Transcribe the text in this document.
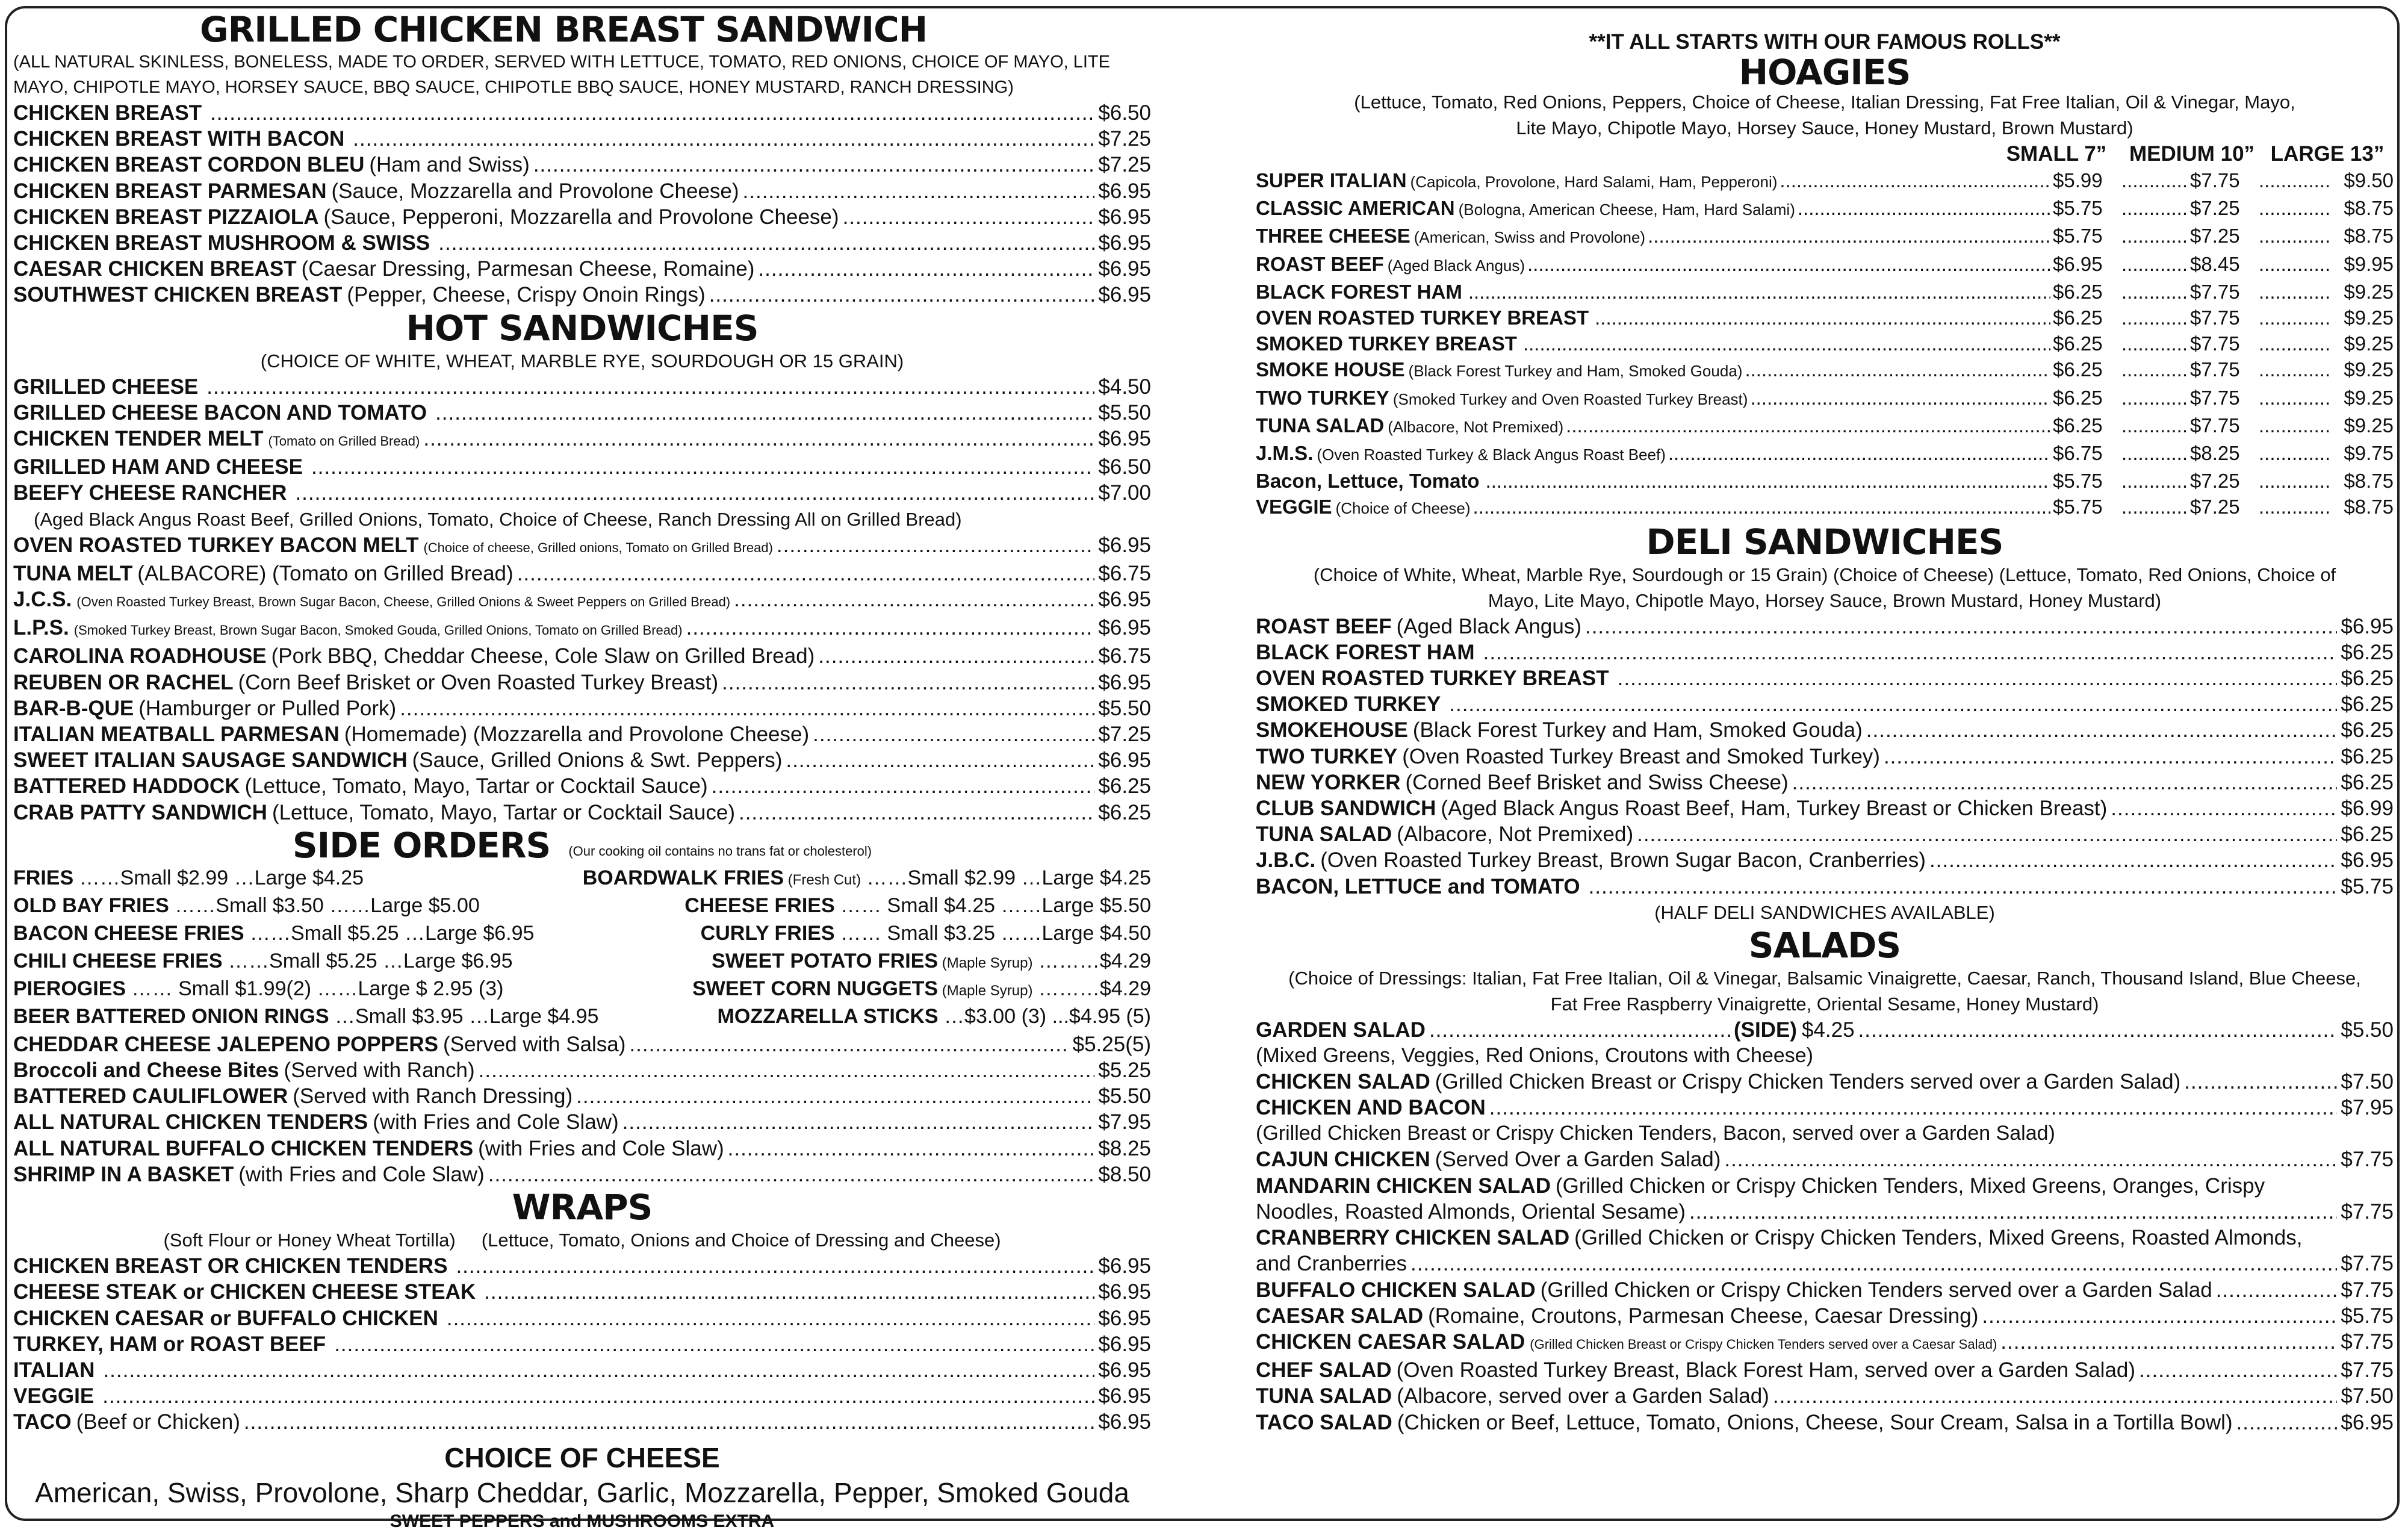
GRILLED CHICKEN BREAST SANDWICH
(ALL NATURAL SKINLESS, BONELESS, MADE TO ORDER, SERVED WITH LETTUCE, TOMATO, RED ONIONS, CHOICE OF MAYO, LITE MAYO, CHIPOTLE MAYO, HORSEY SAUCE, BBQ SAUCE, CHIPOTLE BBQ SAUCE, HONEY MUSTARD, RANCH DRESSING)
CHICKEN BREAST .....	$6.50
CHICKEN BREAST WITH BACON .....	$7.25
CHICKEN BREAST CORDON BLEU (Ham and Swiss) .....	$7.25
CHICKEN BREAST PARMESAN (Sauce, Mozzarella and Provolone Cheese) .....	$6.95
CHICKEN BREAST PIZZAIOLA (Sauce, Pepperoni, Mozzarella and Provolone Cheese) .....	$6.95
CHICKEN BREAST MUSHROOM & SWISS .....	$6.95
CAESAR CHICKEN BREAST (Caesar Dressing, Parmesan Cheese, Romaine) .....	$6.95
SOUTHWEST CHICKEN BREAST (Pepper, Cheese, Crispy Onoin Rings) .....	$6.95
HOT SANDWICHES
(CHOICE OF WHITE, WHEAT, MARBLE RYE, SOURDOUGH OR 15 GRAIN)
GRILLED CHEESE .....	$4.50
GRILLED CHEESE BACON AND TOMATO .....	$5.50
CHICKEN TENDER MELT (Tomato on Grilled Bread) .....	$6.95
GRILLED HAM AND CHEESE .....	$6.50
BEEFY CHEESE RANCHER .....	$7.00
(Aged Black Angus Roast Beef, Grilled Onions, Tomato, Choice of Cheese, Ranch Dressing All on Grilled Bread)
OVEN ROASTED TURKEY BACON MELT (Choice of cheese, Grilled onions, Tomato on Grilled Bread) .....	$6.95
TUNA MELT (ALBACORE) (Tomato on Grilled Bread) .....	$6.75
J.C.S. (Oven Roasted Turkey Breast, Brown Sugar Bacon, Cheese, Grilled Onions & Sweet Peppers on Grilled Bread) .....	$6.95
L.P.S. (Smoked Turkey Breast, Brown Sugar Bacon, Smoked Gouda, Grilled Onions, Tomato on Grilled Bread) .....	$6.95
CAROLINA ROADHOUSE (Pork BBQ, Cheddar Cheese, Cole Slaw on Grilled Bread) .....	$6.75
REUBEN OR RACHEL (Corn Beef Brisket or Oven Roasted Turkey Breast) .....	$6.95
BAR-B-QUE (Hamburger or Pulled Pork) .....	$5.50
ITALIAN MEATBALL PARMESAN (Homemade) (Mozzarella and Provolone Cheese) .....	$7.25
SWEET ITALIAN SAUSAGE SANDWICH (Sauce, Grilled Onions & Swt. Peppers) .....	$6.95
BATTERED HADDOCK (Lettuce, Tomato, Mayo, Tartar or Cocktail Sauce) .....	$6.25
CRAB PATTY SANDWICH (Lettuce, Tomato, Mayo, Tartar or Cocktail Sauce) .....	$6.25
SIDE ORDERS (Our cooking oil contains no trans fat or cholesterol)
FRIES ……Small $2.99 …Large $4.25	BOARDWALK FRIES (Fresh Cut) ……Small $2.99 …Large $4.25
OLD BAY FRIES ……Small $3.50 ……Large $5.00	CHEESE FRIES …… Small $4.25 ……Large $5.50
BACON CHEESE FRIES ……Small $5.25 …Large $6.95	CURLY FRIES …… Small $3.25 ……Large $4.50
CHILI CHEESE FRIES ……Small $5.25 …Large $6.95	SWEET POTATO FRIES (Maple Syrup) ………$4.29
PIEROGIES …… Small $1.99(2) ……Large $ 2.95 (3)	SWEET CORN NUGGETS (Maple Syrup) ………$4.29
BEER BATTERED ONION RINGS …Small $3.95 …Large $4.95	MOZZARELLA STICKS …$3.00 (3) ...$4.95 (5)
CHEDDAR CHEESE JALEPENO POPPERS (Served with Salsa) .....	$5.25(5)
Broccoli and Cheese Bites (Served with Ranch) .....	$5.25
BATTERED CAULIFLOWER (Served with Ranch Dressing) .....	$5.50
ALL NATURAL CHICKEN TENDERS (with Fries and Cole Slaw) .....	$7.95
ALL NATURAL BUFFALO CHICKEN TENDERS (with Fries and Cole Slaw) .....	$8.25
SHRIMP IN A BASKET (with Fries and Cole Slaw) .....	$8.50
WRAPS
(Soft Flour or Honey Wheat Tortilla)     (Lettuce, Tomato, Onions and Choice of Dressing and Cheese)
CHICKEN BREAST OR CHICKEN TENDERS .....	$6.95
CHEESE STEAK or CHICKEN CHEESE STEAK .....	$6.95
CHICKEN CAESAR or BUFFALO CHICKEN .....	$6.95
TURKEY, HAM or ROAST BEEF .....	$6.95
ITALIAN .....	$6.95
VEGGIE .....	$6.95
TACO (Beef or Chicken) .....	$6.95
CHOICE OF CHEESE
American, Swiss, Provolone, Sharp Cheddar, Garlic, Mozzarella, Pepper, Smoked Gouda
SWEET PEPPERS and MUSHROOMS EXTRA
**IT ALL STARTS WITH OUR FAMOUS ROLLS**
HOAGIES
(Lettuce, Tomato, Red Onions, Peppers, Choice of Cheese, Italian Dressing, Fat Free Italian, Oil & Vinegar, Mayo, Lite Mayo, Chipotle Mayo, Horsey Sauce, Honey Mustard, Brown Mustard)
SMALL 7”	MEDIUM 10” LARGE 13”
SUPER ITALIAN (Capicola, Provolone, Hard Salami, Ham, Pepperoni) .....	$5.99 .....	$7.75 .....	$9.50
CLASSIC AMERICAN (Bologna, American Cheese, Ham, Hard Salami) .....	$5.75 .....	$7.25 .....	$8.75
THREE CHEESE (American, Swiss and Provolone) .....	$5.75 .....	$7.25 .....	$8.75
ROAST BEEF (Aged Black Angus) .....	$6.95 .....	$8.45 .....	$9.95
BLACK FOREST HAM .....	$6.25 .....	$7.75 .....	$9.25
OVEN ROASTED TURKEY BREAST .....	$6.25 .....	$7.75 .....	$9.25
SMOKED TURKEY BREAST .....	$6.25 .....	$7.75 .....	$9.25
SMOKE HOUSE (Black Forest Turkey and Ham, Smoked Gouda) .....	$6.25 .....	$7.75 .....	$9.25
TWO TURKEY (Smoked Turkey and Oven Roasted Turkey Breast) .....	$6.25 .....	$7.75 .....	$9.25
TUNA SALAD (Albacore, Not Premixed) .....	$6.25 .....	$7.75 .....	$9.25
J.M.S. (Oven Roasted Turkey & Black Angus Roast Beef) .....	$6.75 .....	$8.25 .....	$9.75
Bacon, Lettuce, Tomato .....	$5.75 .....	$7.25 .....	$8.75
VEGGIE (Choice of Cheese) .....	$5.75 .....	$7.25 .....	$8.75
DELI SANDWICHES
(Choice of White, Wheat, Marble Rye, Sourdough or 15 Grain) (Choice of Cheese) (Lettuce, Tomato, Red Onions, Choice of Mayo, Lite Mayo, Chipotle Mayo, Horsey Sauce, Brown Mustard, Honey Mustard)
ROAST BEEF (Aged Black Angus) .....	$6.95
BLACK FOREST HAM .....	$6.25
OVEN ROASTED TURKEY BREAST .....	$6.25
SMOKED TURKEY .....	$6.25
SMOKEHOUSE (Black Forest Turkey and Ham, Smoked Gouda) .....	$6.25
TWO TURKEY (Oven Roasted Turkey Breast and Smoked Turkey) .....	$6.25
NEW YORKER (Corned Beef Brisket and Swiss Cheese) .....	$6.25
CLUB SANDWICH (Aged Black Angus Roast Beef, Ham, Turkey Breast or Chicken Breast) .....	$6.99
TUNA SALAD (Albacore, Not Premixed) .....	$6.25
J.B.C. (Oven Roasted Turkey Breast, Brown Sugar Bacon, Cranberries) .....	$6.95
BACON, LETTUCE and TOMATO .....	$5.75
(HALF DELI SANDWICHES AVAILABLE)
SALADS
(Choice of Dressings: Italian, Fat Free Italian, Oil & Vinegar, Balsamic Vinaigrette, Caesar, Ranch, Thousand Island, Blue Cheese, Fat Free Raspberry Vinaigrette, Oriental Sesame, Honey Mustard)
GARDEN SALAD .....	(SIDE) $4.25 .....	$5.50
(Mixed Greens, Veggies, Red Onions, Croutons with Cheese)
CHICKEN SALAD (Grilled Chicken Breast or Crispy Chicken Tenders served over a Garden Salad) .....	$7.50
CHICKEN AND BACON .....	$7.95
(Grilled Chicken Breast or Crispy Chicken Tenders, Bacon, served over a Garden Salad)
CAJUN CHICKEN (Served Over a Garden Salad) .....	$7.75
MANDARIN CHICKEN SALAD (Grilled Chicken or Crispy Chicken Tenders, Mixed Greens, Oranges, Crispy
Noodles, Roasted Almonds, Oriental Sesame) .....	$7.75
CRANBERRY CHICKEN SALAD (Grilled Chicken or Crispy Chicken Tenders, Mixed Greens, Roasted Almonds,
and Cranberries .....	$7.75
BUFFALO CHICKEN SALAD (Grilled Chicken or Crispy Chicken Tenders served over a Garden Salad .....	$7.75
CAESAR SALAD (Romaine, Croutons, Parmesan Cheese, Caesar Dressing) .....	$5.75
CHICKEN CAESAR SALAD (Grilled Chicken Breast or Crispy Chicken Tenders served over a Caesar Salad) .....	$7.75
CHEF SALAD (Oven Roasted Turkey Breast, Black Forest Ham, served over a Garden Salad) .....	$7.75
TUNA SALAD (Albacore, served over a Garden Salad) .....	$7.50
TACO SALAD (Chicken or Beef, Lettuce, Tomato, Onions, Cheese, Sour Cream, Salsa in a Tortilla Bowl) .....	$6.95
